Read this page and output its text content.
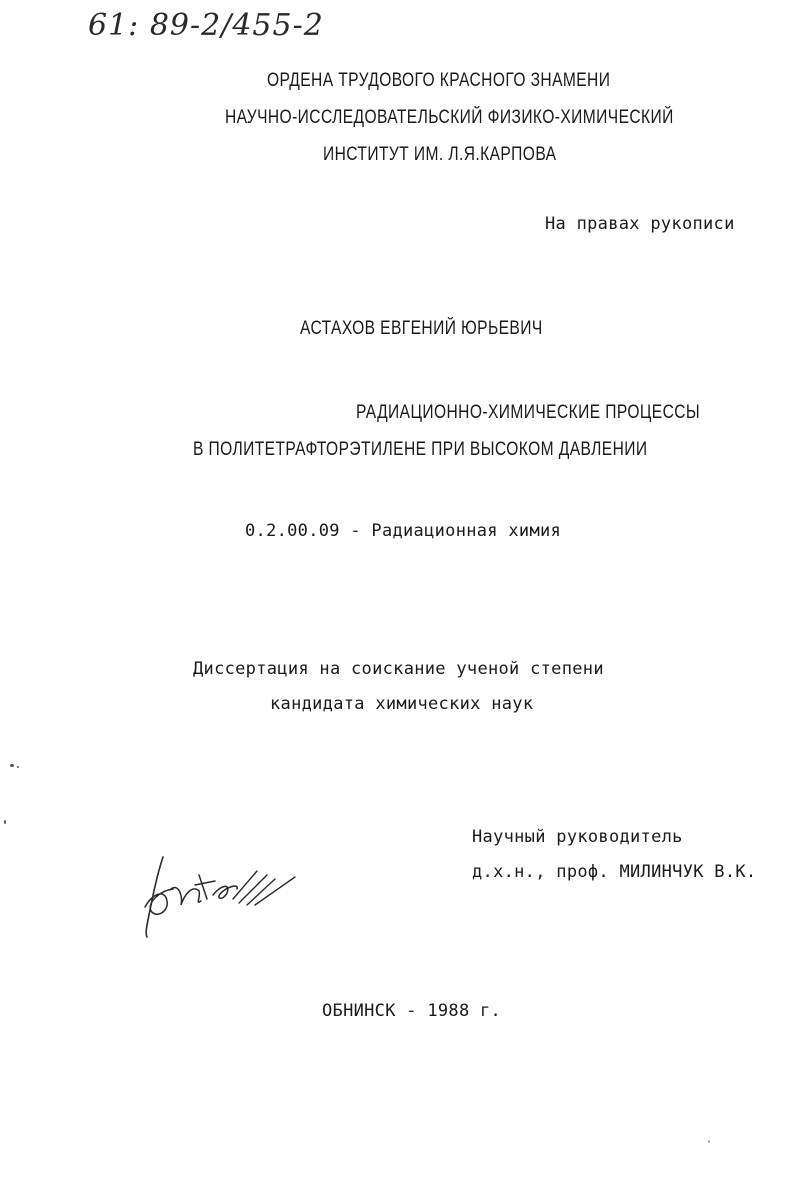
61: 89-2/455-2
ОРДЕНА ТРУДОВОГО КРАСНОГО ЗНАМЕНИ
НАУЧНО-ИССЛЕДОВАТЕЛЬСКИЙ ФИЗИКО-ХИМИЧЕСКИЙ
ИНСТИТУТ ИМ. Л.Я.КАРПОВА
На правах рукописи
АСТАХОВ ЕВГЕНИЙ ЮРЬЕВИЧ
РАДИАЦИОННО-ХИМИЧЕСКИЕ ПРОЦЕССЫ
В ПОЛИТЕТРАФТОРЭТИЛЕНЕ ПРИ ВЫСОКОМ ДАВЛЕНИИ
0.2.00.09 - Радиационная химия
Диссертация на соискание ученой степени
кандидата химических наук
Научный руководитель
д.х.н., проф. МИЛИНЧУК В.К.
ОБНИНСК - 1988 г.
